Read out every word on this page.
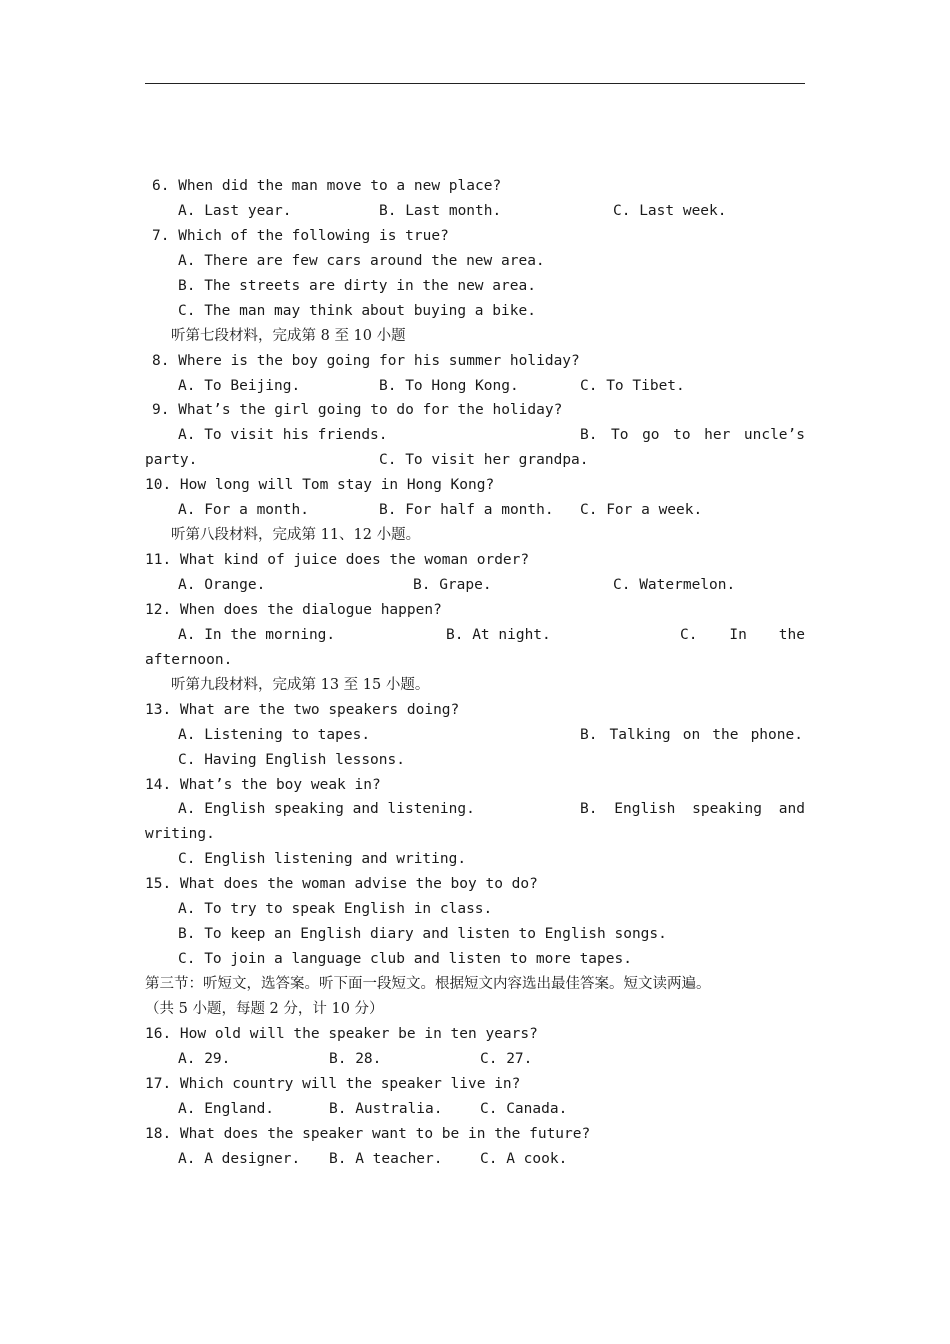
6. When did the man move to a new place?

A. Last year.

	B. Last month.

	C. Last week.

7. Which of the following is true?
A. There are few cars around the new area.
B. The streets are dirty in the new area.
C. The man may think about buying a bike.
听第七段材料，完成第 8 至 10 小题
8. Where is the boy going for his summer holiday?

A. To Beijing.

	B. To Hong Kong.

	C. To Tibet.

9. What’s the girl going to do for the holiday?

A. To visit his friends.

	B. To go to her uncle’s

party.

	C. To visit her grandpa.

10. How long will Tom stay in Hong Kong?

A. For a month.

	B. For half a month.

C. For a week.

听第八段材料，完成第 11、12 小题。
11. What kind of juice does the woman order?

A. Orange.

	B. Grape.

	C. Watermelon.

12. When does the dialogue happen?

A. In the morning.

	B. At night.

	C. In the

afternoon.
听第九段材料，完成第 13 至 15 小题。
13. What are the two speakers doing?

A. Listening to tapes.

	B. Talking on the phone.

C. Having English lessons.
14. What’s the boy weak in?

A. English speaking and listening.

	B. English speaking and

writing.
C. English listening and writing.
15. What does the woman advise the boy to do?
A. To try to speak English in class.
B. To keep an English diary and listen to English songs.
C. To join a language club and listen to more tapes.
第三节：听短文，选答案。听下面一段短文。根据短文内容选出最佳答案。短文读两遍。
（共 5 小题，每题 2 分，计 10 分）
16. How old will the speaker be in ten years?

A. 29.

	B. 28.

	C. 27.

17. Which country will the speaker live in?

A. England.

	B. Australia.

	C. Canada.

18. What does the speaker want to be in the future?

A. A designer.

B. A teacher.

	C. A cook.
